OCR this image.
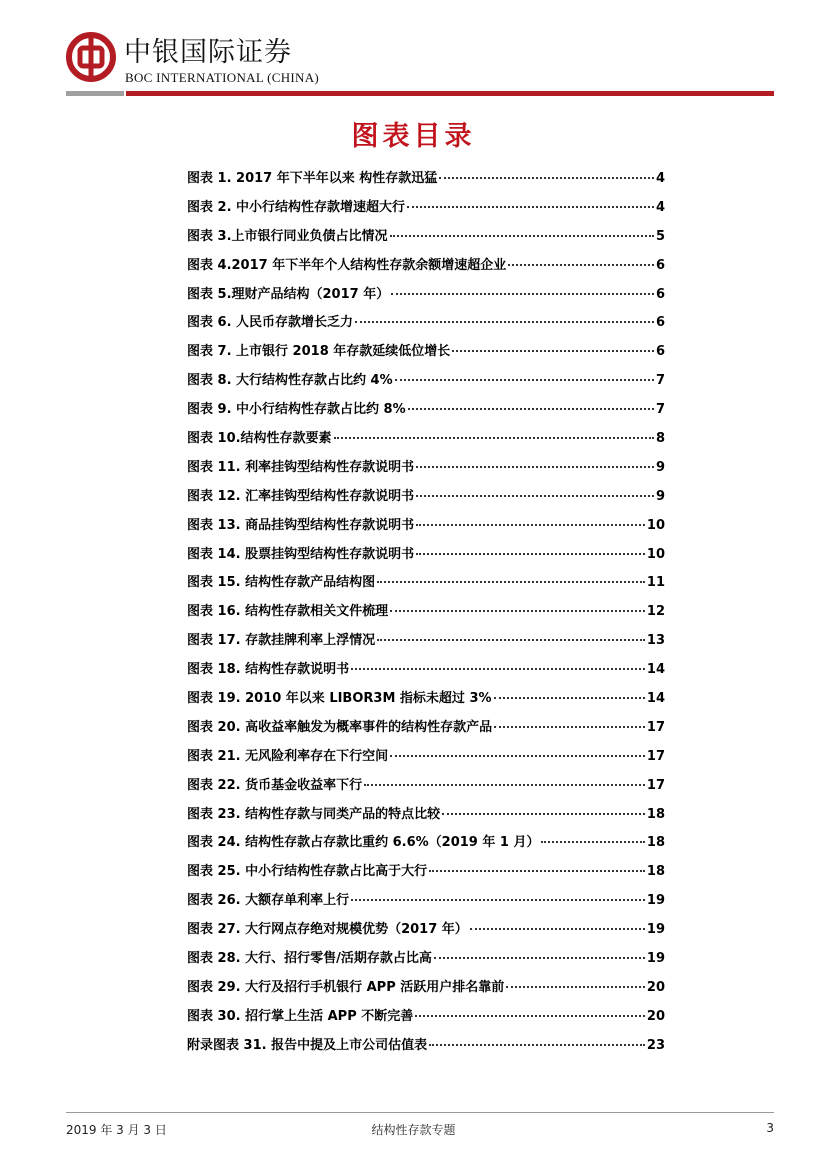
中银国际证券
BOC INTERNATIONAL (CHINA)
图表目录
图表 1. 2017 年下半年以来 构性存款迅猛	4
图表 2. 中小行结构性存款增速超大行	4
图表 3.上市银行同业负债占比情况	5
图表 4.2017 年下半年个人结构性存款余额增速超企业	6
图表 5.理财产品结构（2017 年）	6
图表 6. 人民币存款增长乏力	6
图表 7. 上市银行 2018 年存款延续低位增长	6
图表 8. 大行结构性存款占比约 4%	7
图表 9. 中小行结构性存款占比约 8%	7
图表 10.结构性存款要素	8
图表 11. 利率挂钩型结构性存款说明书	9
图表 12. 汇率挂钩型结构性存款说明书	9
图表 13. 商品挂钩型结构性存款说明书	10
图表 14. 股票挂钩型结构性存款说明书	10
图表 15. 结构性存款产品结构图	11
图表 16. 结构性存款相关文件梳理	12
图表 17. 存款挂牌利率上浮情况	13
图表 18. 结构性存款说明书	14
图表 19. 2010 年以来 LIBOR3M 指标未超过 3%	14
图表 20. 高收益率触发为概率事件的结构性存款产品	17
图表 21. 无风险利率存在下行空间	17
图表 22. 货币基金收益率下行	17
图表 23. 结构性存款与同类产品的特点比较	18
图表 24. 结构性存款占存款比重约 6.6%（2019 年 1 月）	18
图表 25. 中小行结构性存款占比高于大行	18
图表 26. 大额存单利率上行	19
图表 27. 大行网点存绝对规模优势（2017 年）	19
图表 28. 大行、招行零售/活期存款占比高	19
图表 29. 大行及招行手机银行 APP 活跃用户排名靠前	20
图表 30. 招行掌上生活 APP 不断完善	20
附录图表 31. 报告中提及上市公司估值表	23
2019 年 3 月 3 日	结构性存款专题	3
